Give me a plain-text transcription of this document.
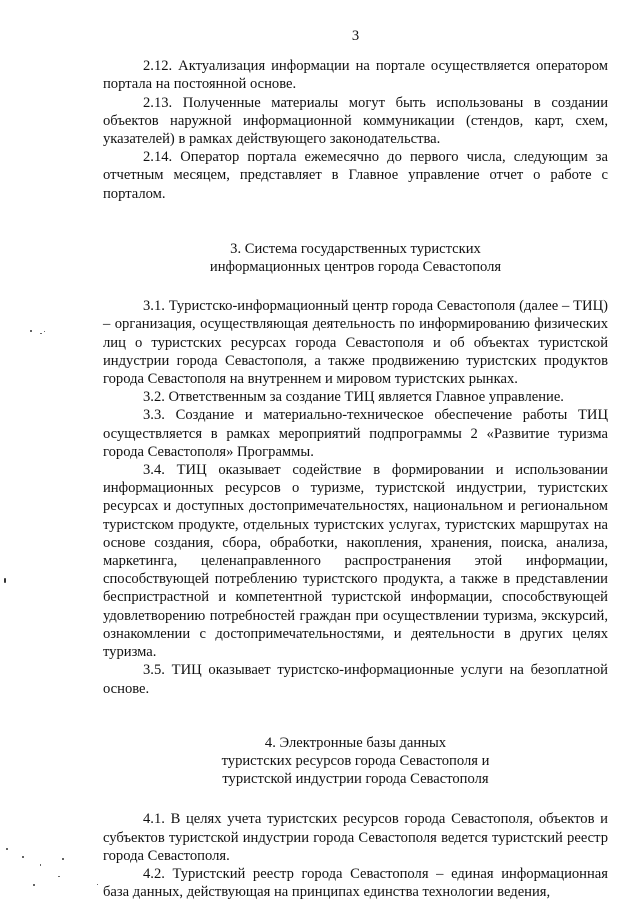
3

2.12. Актуализация информации на портале осуществляется оператором портала на постоянной основе.

2.13. Полученные материалы могут быть использованы в создании объектов наружной информационной коммуникации (стендов, карт, схем, указателей) в рамках действующего законодательства.

2.14. Оператор портала ежемесячно до первого числа, следующим за отчетным месяцем, представляет в Главное управление отчет о работе с порталом.

3. Система государственных туристских
информационных центров города Севастополя

3.1. Туристско-информационный центр города Севастополя (далее – ТИЦ) – организация, осуществляющая деятельность по информированию физических лиц о туристских ресурсах города Севастополя и об объектах туристской индустрии города Севастополя, а также продвижению туристских продуктов города Севастополя на внутреннем и мировом туристских рынках.

3.2. Ответственным за создание ТИЦ является Главное управление.

3.3. Создание и материально-техническое обеспечение работы ТИЦ осуществляется в рамках мероприятий подпрограммы 2 «Развитие туризма города Севастополя» Программы.

3.4. ТИЦ оказывает содействие в формировании и использовании информационных ресурсов о туризме, туристской индустрии, туристских ресурсах и доступных достопримечательностях, национальном и региональном туристском продукте, отдельных туристских услугах, туристских маршрутах на основе создания, сбора, обработки, накопления, хранения, поиска, анализа, маркетинга, целенаправленного распространения этой информации, способствующей потреблению туристского продукта, а также в представлении беспристрастной и компетентной туристской информации, способствующей удовлетворению потребностей граждан при осуществлении туризма, экскурсий, ознакомлении с достопримечательностями, и деятельности в других целях туризма.

3.5. ТИЦ оказывает туристско-информационные услуги на безоплатной основе.

4. Электронные базы данных
туристских ресурсов города Севастополя и
туристской индустрии города Севастополя

4.1. В целях учета туристских ресурсов города Севастополя, объектов и субъектов туристской индустрии города Севастополя ведется туристский реестр города Севастополя.

4.2. Туристский реестр города Севастополя – единая информационная база данных, действующая на принципах единства технологии ведения,
